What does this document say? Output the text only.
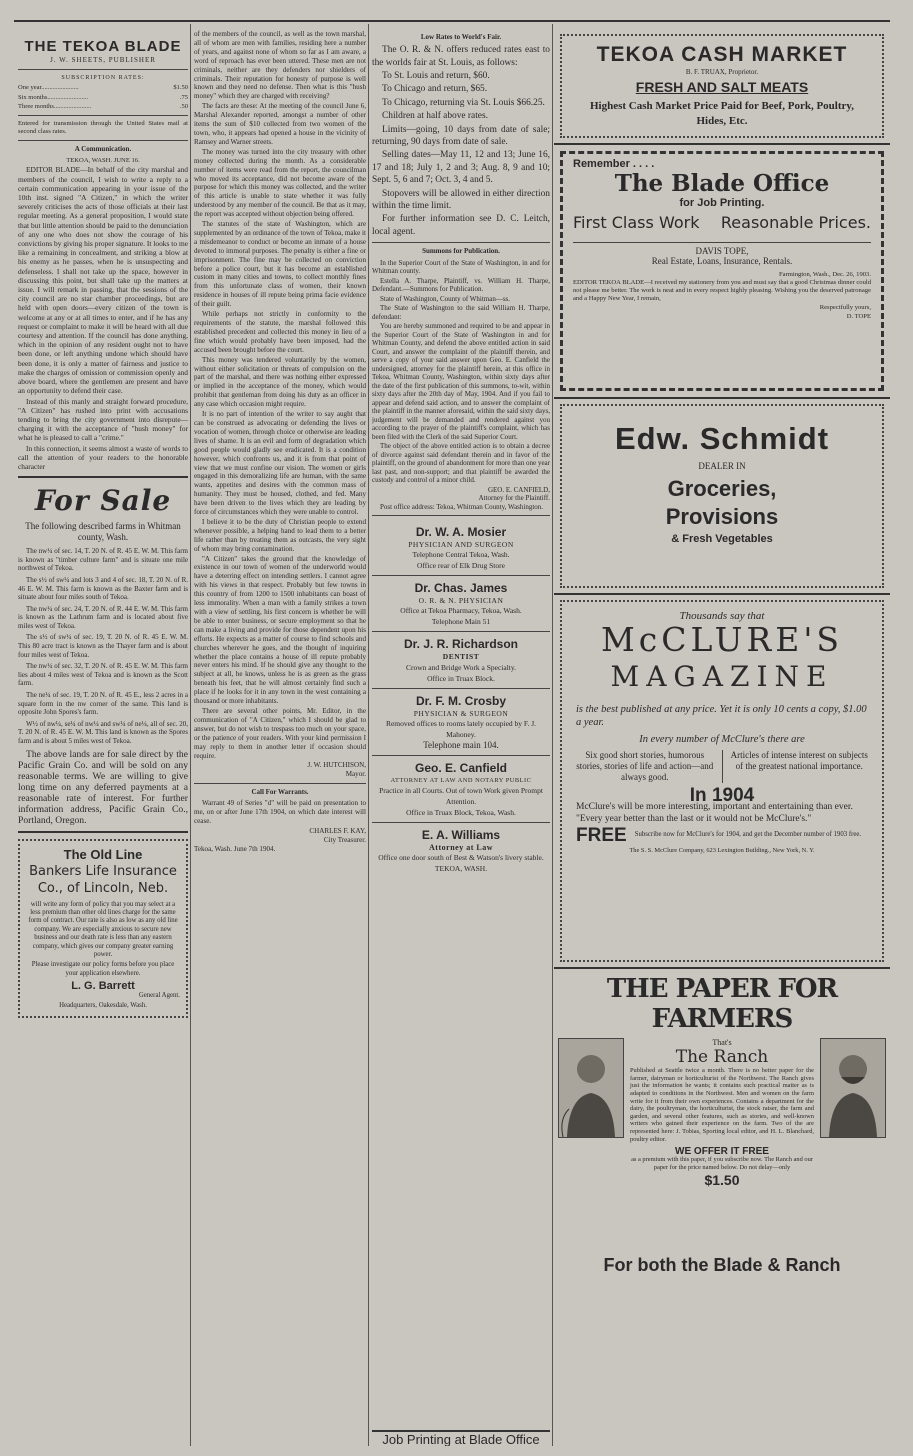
THE TEKOA BLADE
J. W. SHEETS, PUBLISHER
SUBSCRIPTION RATES:
One year.......................	$1.50
Six months.........................	.75
Three months.......................	.50
Entered for transmission through the United States mail at second class rates.
A Communication.
TEKOA, WASH. JUNE 16.

EDITOR BLADE—In behalf of the city marshal and members of the council, I wish to write a reply to a certain communication appearing in your issue of the 10th inst. signed "A Citizen," in which the writer severely criticises the acts of those officials at their last regular meeting. As a general proposition, I would state that but little attention should be paid to the denunciation of any one who does not show the courage of his convictions by giving his proper signature. It looks to me like a remaining in concealment, and striking a blow at his enemy as he passes, when he is unsuspecting and defenseless. I shall not take up the space, however in discussing this point, but shall take up the matters at issue. I will remark in passing, that the sessions of the city council are no star chamber proceedings, but are held with open doors—every citizen of the town is welcome at any or at all times to enter, and if he has any request or complaint to make it will be heard with all due courtesy and attention. If the council has done anything, which in the opinion of any resident ought not to have been done, or left anything undone which should have been done, it is only a matter of fairness and justice to make the charges of omission or commission openly and above board, where the gentlemen are present and have an opportunity to defend their case.

Instead of this manly and straight forward procedure, "A Citizen" has rushed into print with accusations tending to bring the city government into disrepute—charging it with the acceptance of "hush money" for what he is pleased to call a "crime."

In this connection, it seems almost a waste of words to call the attention of your readers to the honorable character

For Sale
The following described farms in Whitman county, Wash.

The nw¼ of sec. 14, T. 20 N. of R. 45 E. W. M. This farm is known as "timber culture farm" and is situate one mile northwest of Tekoa.

The s½ of sw¼ and lots 3 and 4 of sec. 18, T. 20 N. of R. 46 E. W. M. This farm is known as the Baxter farm and is situate about four miles south of Tekoa.

The nw¼ of sec. 24, T. 20 N. of R. 44 E. W. M. This farm is known as the Lathrum farm and is located about five miles west of Tekoa.

The s½ of sw¼ of sec. 19, T. 20 N. of R. 45 E. W. M. This 80 acre tract is known as the Thayer farm and is about four miles west of Tekoa.

The nw¼ of sec. 32, T. 20 N. of R. 45 E. W. M. This farm lies about 4 miles west of Tekoa and is known as the Scott farm.

The ne¼ of sec. 19, T. 20 N. of R. 45 E., less 2 acres in a square form in the nw corner of the same. This land is opposite John Spores's farm.

W½ of nw¼, se¼ of nw¼ and sw¼ of ne¼, all of sec. 20, T. 20 N. of R. 45 E. W. M. This land is known as the Spores farm and is about 5 miles west of Tekoa.

The above lands are for sale direct by the Pacific Grain Co. and will be sold on any reasonable terms. We are willing to give long time on any deferred payments at a reasonable rate of interest. For further information address, Pacific Grain Co., Portland, Oregon.

The Old Line
Bankers Life Insurance
Co., of Lincoln, Neb.
will write any form of policy that you may select at a less premium than other old lines charge for the same form of contract. Our rate is also as low as any old line company. We are especially anxious to secure new business and our death rate is less than any eastern company, which gives our company greater earning power.
Please investigate our policy forms before you place your application elsewhere.
L. G. Barrett
General Agent.
Headquarters, Oakesdale, Wash.

of the members of the council, as well as the town marshal, all of whom are men with families, residing here a number of years, and against none of whom so far as I am aware, a word of reproach has ever been uttered. These men are not criminals, neither are they defenders nor shielders of criminals. Their reputation for honesty of purpose is well known and they need no defense. Then what is this "hush money" which they are charged with receiving?

The facts are these: At the meeting of the council June 6, Marshal Alexander reported, amongst a number of other items the sum of $10 collected from two women of the town, who, it appears had opened a house in the vicinity of Ramsey and Warner streets.

The money was turned into the city treasury with other money collected during the month. As a considerable number of items were read from the report, the councilman who moved its acceptance, did not become aware of the purpose for which this money was collected, and the writer of this article is unable to state whether it was fully understood by any member of the council. Be that as it may, the report was accepted without objection being offered.

The statutes of the state of Washington, which are supplemented by an ordinance of the town of Tekoa, make it a misdemeanor to conduct or become an inmate of a house devoted to immoral purposes. The penalty is either a fine or imprisonment. The fine may be collected on conviction before a police court, but it has become an established custom in many cities and towns, to collect monthly fines from this unfortunate class of women, their known residence in houses of ill repute being prima facie evidence of their guilt.

While perhaps not strictly in conformity to the requirements of the statute, the marshal followed this established precedent and collected this money in lieu of a fine which would probably have been imposed, had the accused been brought before the court.

This money was tendered voluntarily by the women, without either solicitation or threats of compulsion on the part of the marshal, and there was nothing either expressed or implied in the acceptance of the money, which would prohibit that gentleman from doing his duty as an officer in any case which occasion might require.

It is no part of intention of the writer to say aught that can be construed as advocating or defending the lives or vocation of women, through choice or otherwise are leading lives of shame. It is an evil and form of degradation which good people would gladly see eradicated. It is a condition however, which confronts us, and it is from that point of view that we must confine our vision. The women or girls engaged in this demoralizing life are human, with the same wants, appetites and desires with the common mass of humanity. They must be housed, clothed, and fed. Many have been driven to the lives which they are leading by force of circumstances which they were unable to control.

I believe it to be the duty of Christian people to extend whenever possible, a helping hand to lead them to a better life rather than by treating them as outcasts, the very sight of whom may bring contamination.

"A Citizen" takes the ground that the knowledge of existence in our town of women of the underworld would have a deterring effect on intending settlers. I cannot agree with his views in that respect. Probably but few towns in this country of from 1200 to 1500 inhabitants can boast of less immorality. When a man with a family strikes a town with a view of settling, his first concern is whether he will be able to enter business, or secure employment so that he can make a living and provide for those dependent upon his efforts. He expects as a matter of course to find schools and churches wherever he goes, and the thought of inquiring whether the place contains a house of ill repute probably never enters his mind. If he should give any thought to the subject at all, he knows, unless he is as green as the grass beneath his feet, that he will almost certainly find such a place if he looks for it in any town in the west containing a thousand or more inhabitants.

There are several other points, Mr. Editor, in the communication of "A Citizen," which I should be glad to answer, but do not wish to trespass too much on your space, or the patience of your readers. With your kind permission I may reply to them in another letter if occasion should require.

J. W. HUTCHISON,
Mayor.
Call For Warrants.

Warrant 49 of Series "d" will be paid on presentation to me, on or after June 17th 1904, on which date interest will cease.

CHARLES F. KAY,
City Treasurer.
Tekoa, Wash. June 7th 1904.
Low Rates to World's Fair.

The O. R. & N. offers reduced rates east to the worlds fair at St. Louis, as follows:

To St. Louis and return, $60.

To Chicago and return, $65.

To Chicago, returning via St. Louis $66.25.

Children at half above rates.

Limits—going, 10 days from date of sale; returning, 90 days from date of sale.

Selling dates—May 11, 12 and 13; June 16, 17 and 18; July 1, 2 and 3; Aug. 8, 9 and 10; Sept. 5, 6 and 7; Oct. 3, 4 and 5.

Stopovers will be allowed in either direction within the time limit.

For further information see D. C. Leitch, local agent.

Summons for Publication.

In the Superior Court of the State of Washington, in and for Whitman county.

Estella A. Tharpe, Plaintiff, vs. William H. Tharpe, Defendant.—Summons for Publication.

State of Washington, County of Whitman—ss.

The State of Washington to the said William H. Tharpe, defendant:

You are hereby summoned and required to be and appear in the Superior Court of the State of Washington in and for Whitman County, and defend the above entitled action in said Court, and answer the complaint of the plaintiff therein, and serve a copy of your said answer upon Geo. E. Canfield the undersigned, attorney for the plaintiff herein, at this office in Tekoa, Whitman County, Washington, within sixty days after the date of the first publication of this summons, to-wit, within sixty days after the 20th day of May, 1904. And if you fail to appear and defend said action, and to answer the complaint of the plaintiff in the manner aforesaid, within the said sixty days, judgement will be demanded and rendered against you according to the prayer of the plaintiff's complaint, which has been filed with the Clerk of the said Superior Court.

The object of the above entitled action is to obtain a decree of divorce against said defendant therein and in favor of the plaintiff, on the ground of abandonment for more than one year last past, and non-support; and that plaintiff be awarded the custody and control of a minor child.

GEO. E. CANFIELD,
Attorney for the Plaintiff.

Post office address: Tekoa, Whitman County, Washington.

Dr. W. A. Mosier
PHYSICIAN AND SURGEON
Telephone Central Tekoa, Wash.
Office rear of Elk Drug Store
Dr. Chas. James
O. R. & N. PHYSICIAN
Office at Tekoa Pharmacy, Tekoa, Wash.
Telephone Main 51
Dr. J. R. Richardson
DENTIST
Crown and Bridge Work a Specialty.
Office in Truax Block.
Dr. F. M. Crosby
PHYSICIAN & SURGEON
Removed offices to rooms lately occupied by F. J. Mahoney.
Telephone main 104.
Geo. E. Canfield
ATTORNEY AT LAW AND NOTARY PUBLIC
Practice in all Courts. Out of town Work given Prompt Attention.
Office in Truax Block, Tekoa, Wash.
E. A. Williams
Attorney at Law
Office one door south of Best & Watson's livery stable.
TEKOA, WASH.
Job Printing at Blade Office
TEKOA CASH MARKET
B. F. TRUAX, Proprietor.
FRESH AND SALT MEATS
Highest Cash Market Price Paid for Beef, Pork, Poultry, Hides, Etc.
Remember . . . .
The Blade Office
for Job Printing.
First Class Work Reasonable Prices.
DAVIS TOPE,
Real Estate, Loans, Insurance, Rentals.
Farmington, Wash., Dec. 26, 1903.
EDITOR TEKOA BLADE—I received my stationery from you and must say that a good Christmas dinner could not please me better. The work is neat and in every respect highly pleasing. Wishing you the deserved patronage and a Happy New Year, I remain,
Respectfully yours,
D. TOPE
Edw. Schmidt
DEALER IN
Groceries,
Provisions
& Fresh Vegetables
Thousands say that
McCLURE'S
MAGAZINE
is the best published at any price. Yet it is only 10 cents a copy, $1.00 a year.
In every number of McClure's there are
Six good short stories, humorous stories, stories of life and action—and always good.
Articles of intense interest on subjects of the greatest national importance.
In 1904
McClure's will be more interesting, important and entertaining than ever. "Every year better than the last or it would not be McClure's."
FREE Subscribe now for McClure's for 1904, and get the December number of 1903 free.
The S. S. McClure Company, 623 Lexington Building., New York, N. Y.
THE PAPER FOR FARMERS
That's
The Ranch
Published at Seattle twice a month. There is no better paper for the farmer, dairyman or horticulturist of the Northwest. The Ranch gives just the information he wants; it contains such practical matter as is adapted to conditions in the Northwest. Men and women on the farm write for it from their own experiences. Contains a department for the dairy, the poultryman, the horticulturist, the stock raiser, the farm and garden, and several other features, such as stories, and well-known writers who gained their experience on the farm. Two of the are represented here: J. Tobias, Sporting local editor, and H. L. Blanchard, poultry editor.
WE OFFER IT FREE
as a premium with this paper, if you subscribe now. The Ranch and our paper for the price named below. Do not delay—only
$1.50
For both the Blade & Ranch
